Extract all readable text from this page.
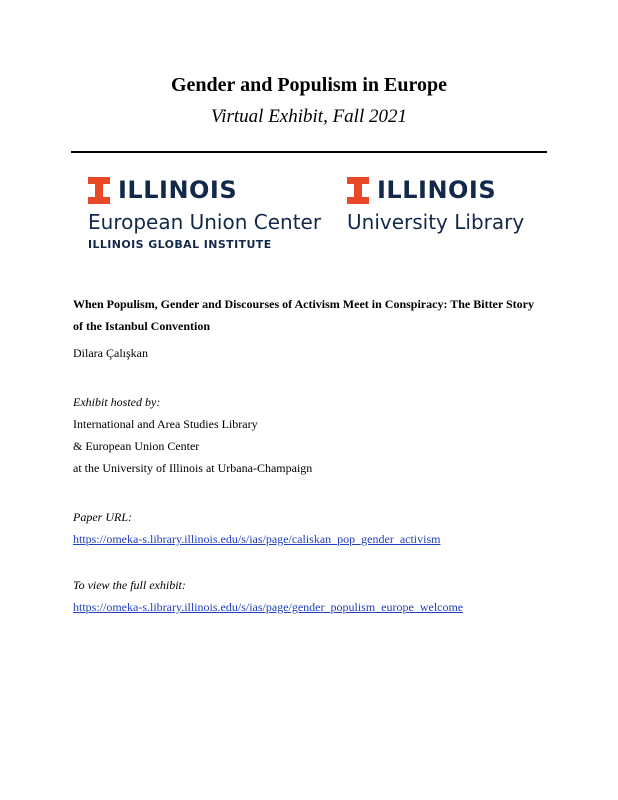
Gender and Populism in Europe
Virtual Exhibit, Fall 2021
ILLINOIS
European Union Center
ILLINOIS GLOBAL INSTITUTE
ILLINOIS
University Library
When Populism, Gender and Discourses of Activism Meet in Conspiracy: The Bitter Story
of the Istanbul Convention
Dilara Çalışkan
Exhibit hosted by:
International and Area Studies Library
& European Union Center
at the University of Illinois at Urbana-Champaign
Paper URL:
https://omeka-s.library.illinois.edu/s/ias/page/caliskan_pop_gender_activism
To view the full exhibit:
https://omeka-s.library.illinois.edu/s/ias/page/gender_populism_europe_welcome
